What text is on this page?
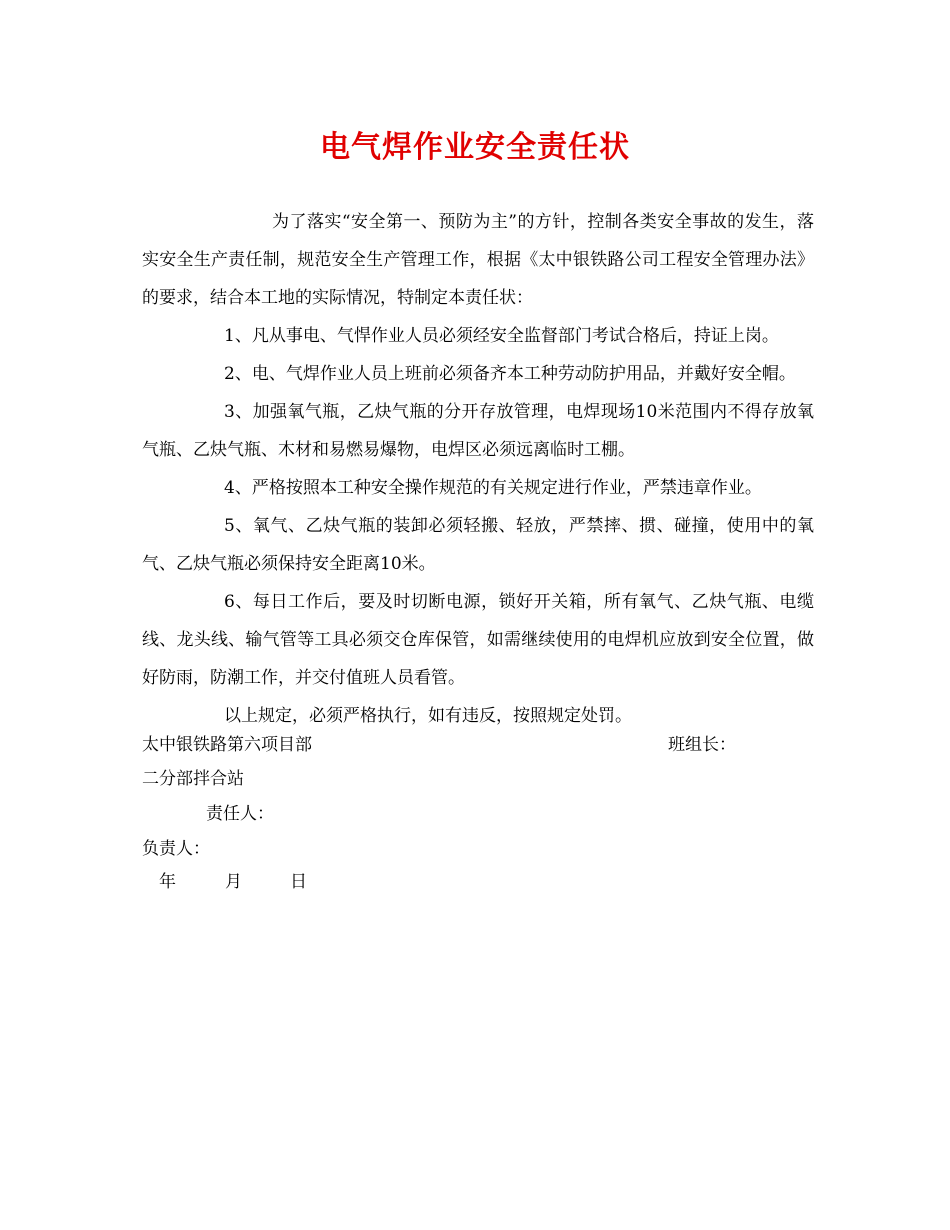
电气焊作业安全责任状

为了落实“安全第一、预防为主”的方针，控制各类安全事故的发生，落实安全生产责任制，规范安全生产管理工作，根据《太中银铁路公司工程安全管理办法》的要求，结合本工地的实际情况，特制定本责任状：

1、凡从事电、气悍作业人员必须经安全监督部门考试合格后，持证上岗。

2、电、气焊作业人员上班前必须备齐本工种劳动防护用品，并戴好安全帽。

3、加强氧气瓶，乙炔气瓶的分开存放管理，电焊现场10米范围内不得存放氧气瓶、乙炔气瓶、木材和易燃易爆物，电焊区必须远离临时工棚。

4、严格按照本工种安全操作规范的有关规定进行作业，严禁违章作业。

5、氧气、乙炔气瓶的装卸必须轻搬、轻放，严禁摔、掼、碰撞，使用中的氧气、乙炔气瓶必须保持安全距离10米。

6、每日工作后，要及时切断电源，锁好开关箱，所有氧气、乙炔气瓶、电缆线、龙头线、输气管等工具必须交仓库保管，如需继续使用的电焊机应放到安全位置，做好防雨，防潮工作，并交付值班人员看管。

以上规定，必须严格执行，如有违反，按照规定处罚。

太中银铁路第六项目部	班组长：
二分部拌合站
责任人：
负责人：
年	月	日
